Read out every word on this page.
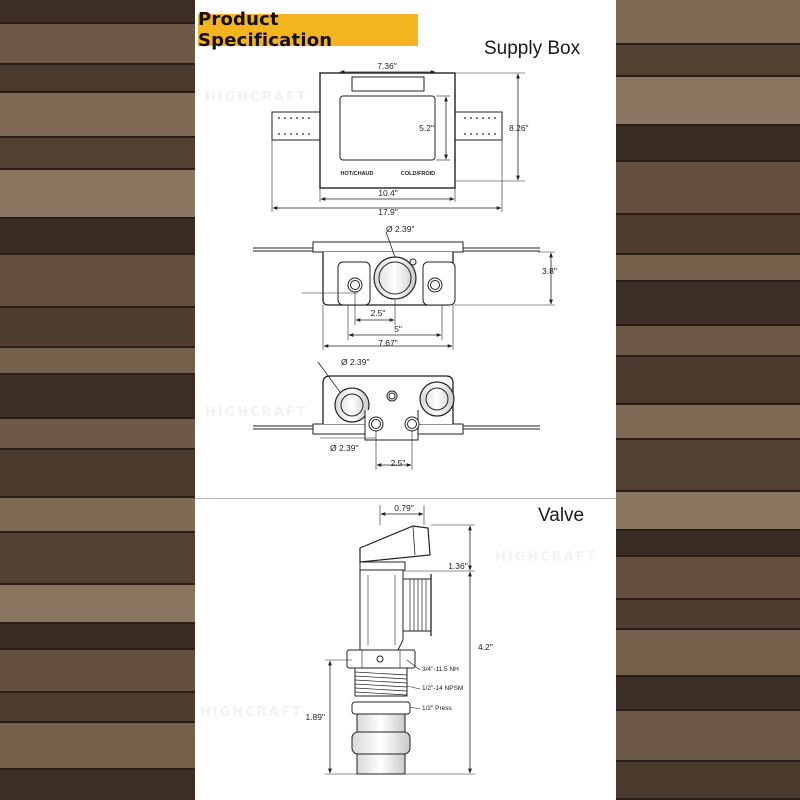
HIGHCRAFT
HIGHCRAFT
HIGHCRAFT
HIGHCRAFT
Product Specification	Supply Box
Valve
7.36"
5.2"	8.26"
10.4"
17.9"
HOT/CHAUD	COLD/FROID
Ø 2.39"
3.8"
2.5"
5"
7.67"
Ø 2.39"
Ø 2.39"
2.5"
0.79"
1.36"
4.2"
1.89"
3/4"-11.5 NH
1/2"-14 NPSM
1/2" Press
